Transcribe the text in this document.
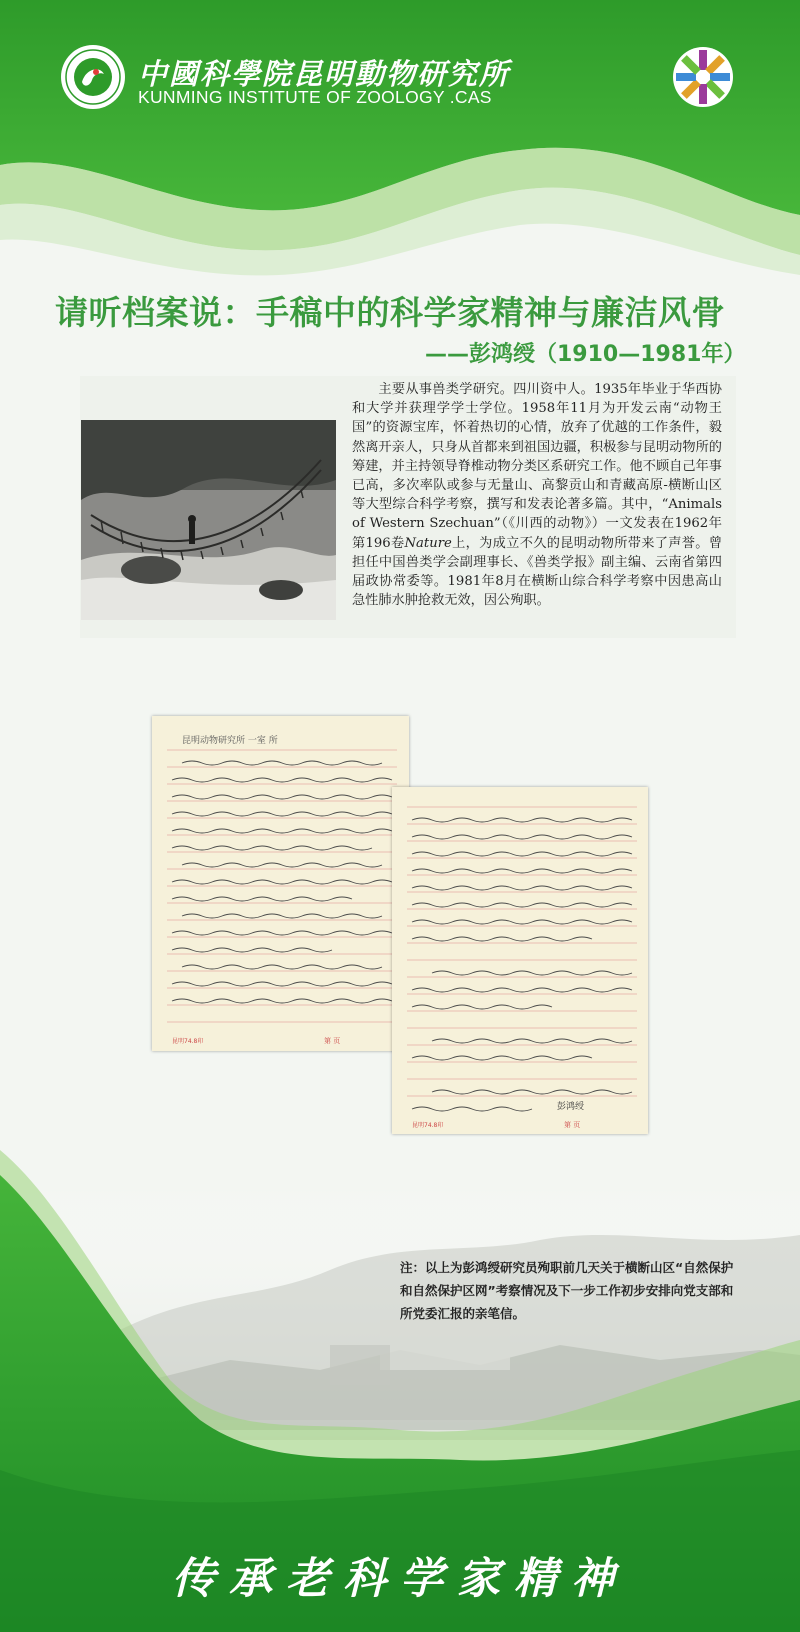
中國科學院昆明動物研究所
KUNMING INSTITUTE OF ZOOLOGY .CAS
请听档案说：手稿中的科学家精神与廉洁风骨
——彭鸿绶（1910—1981年）

主要从事兽类学研究。四川资中人。1935年毕业于华西协和大学并获理学学士学位。1958年11月为开发云南“动物王国”的资源宝库，怀着热切的心情，放弃了优越的工作条件，毅然离开亲人，只身从首都来到祖国边疆，积极参与昆明动物所的筹建，并主持领导脊椎动物分类区系研究工作。他不顾自己年事已高，多次率队或参与无量山、高黎贡山和青藏高原-横断山区等大型综合科学考察，撰写和发表论著多篇。其中，“Animals of Western Szechuan”（《川西的动物》）一文发表在1962年第196卷Nature上，为成立不久的昆明动物所带来了声誉。曾担任中国兽类学会副理事长、《兽类学报》副主编、云南省第四届政协常委等。1981年8月在横断山综合科学考察中因患高山急性肺水肿抢救无效，因公殉职。

昆明动物研究所 一室 所
昆明74.8印	第 页
彭鸿绶
昆明74.8印	第 页
注：以上为彭鸿绶研究员殉职前几天关于横断山区“自然保护和自然保护区网”考察情况及下一步工作初步安排向党支部和所党委汇报的亲笔信。
传承老科学家精神
